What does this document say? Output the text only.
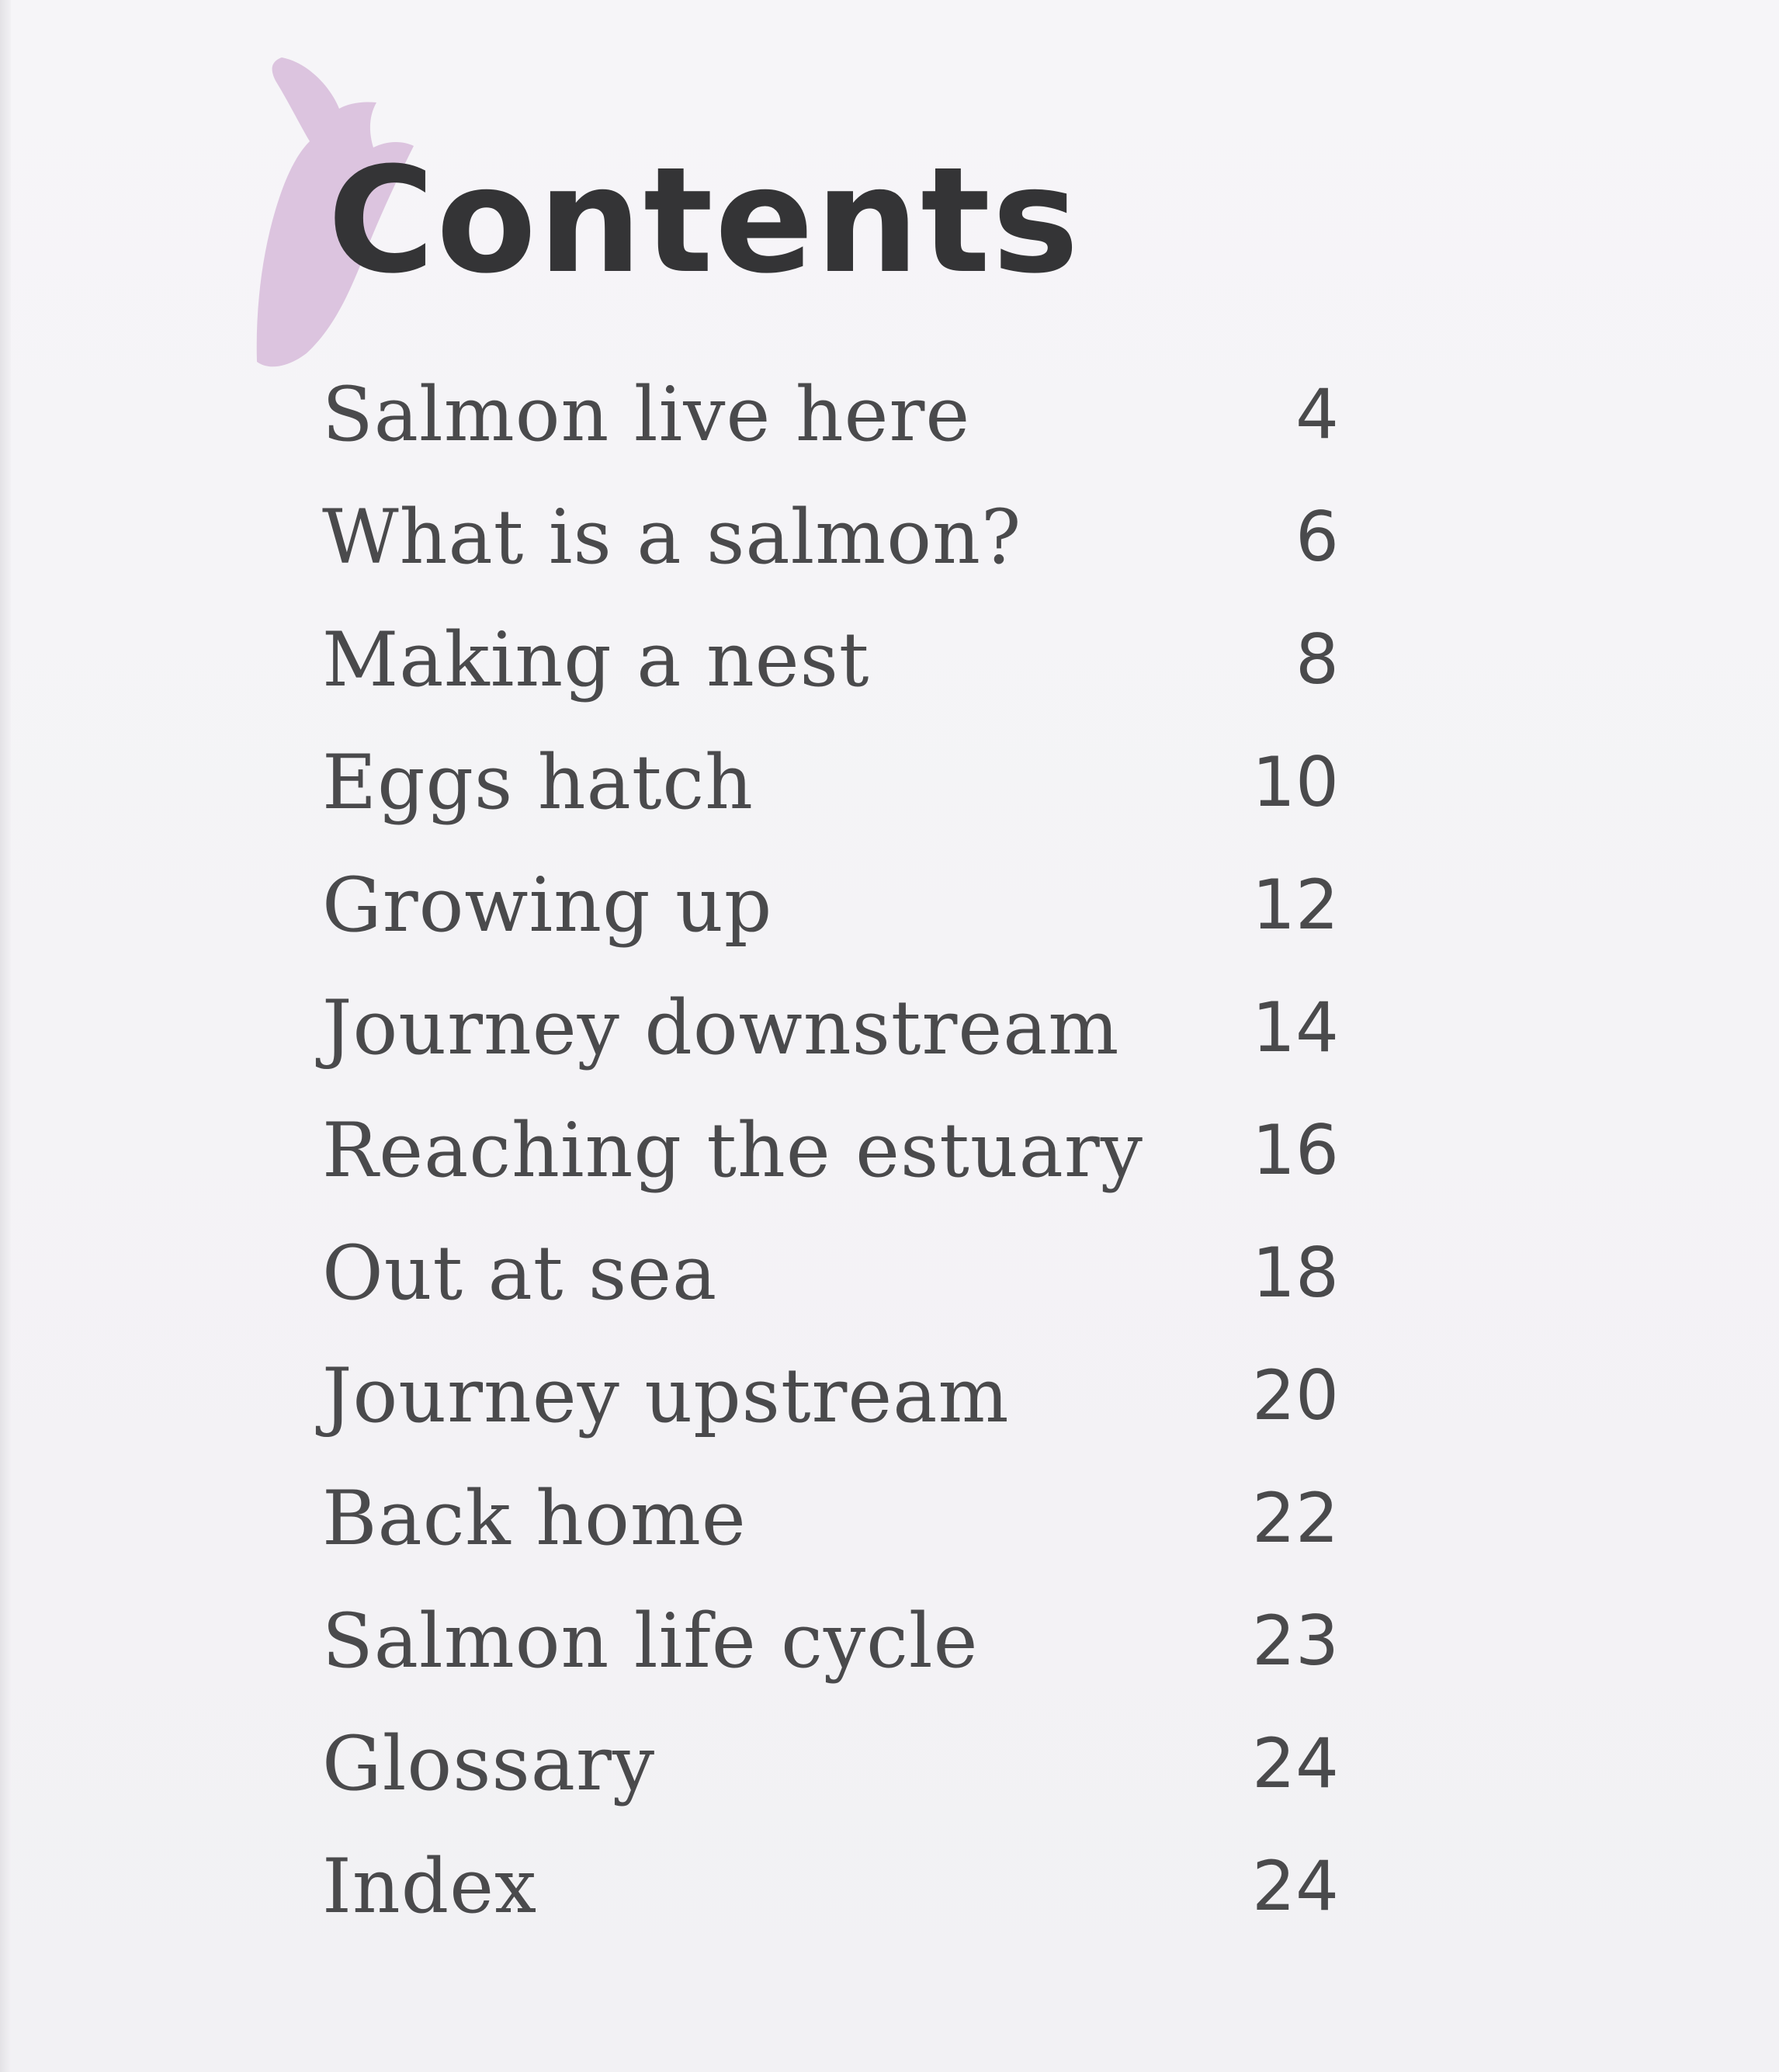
Contents
Salmon live here	4
What is a salmon?	6
Making a nest	8
Eggs hatch	10
Growing up	12
Journey downstream	14
Reaching the estuary	16
Out at sea	18
Journey upstream	20
Back home	22
Salmon life cycle	23
Glossary	24
Index	24
